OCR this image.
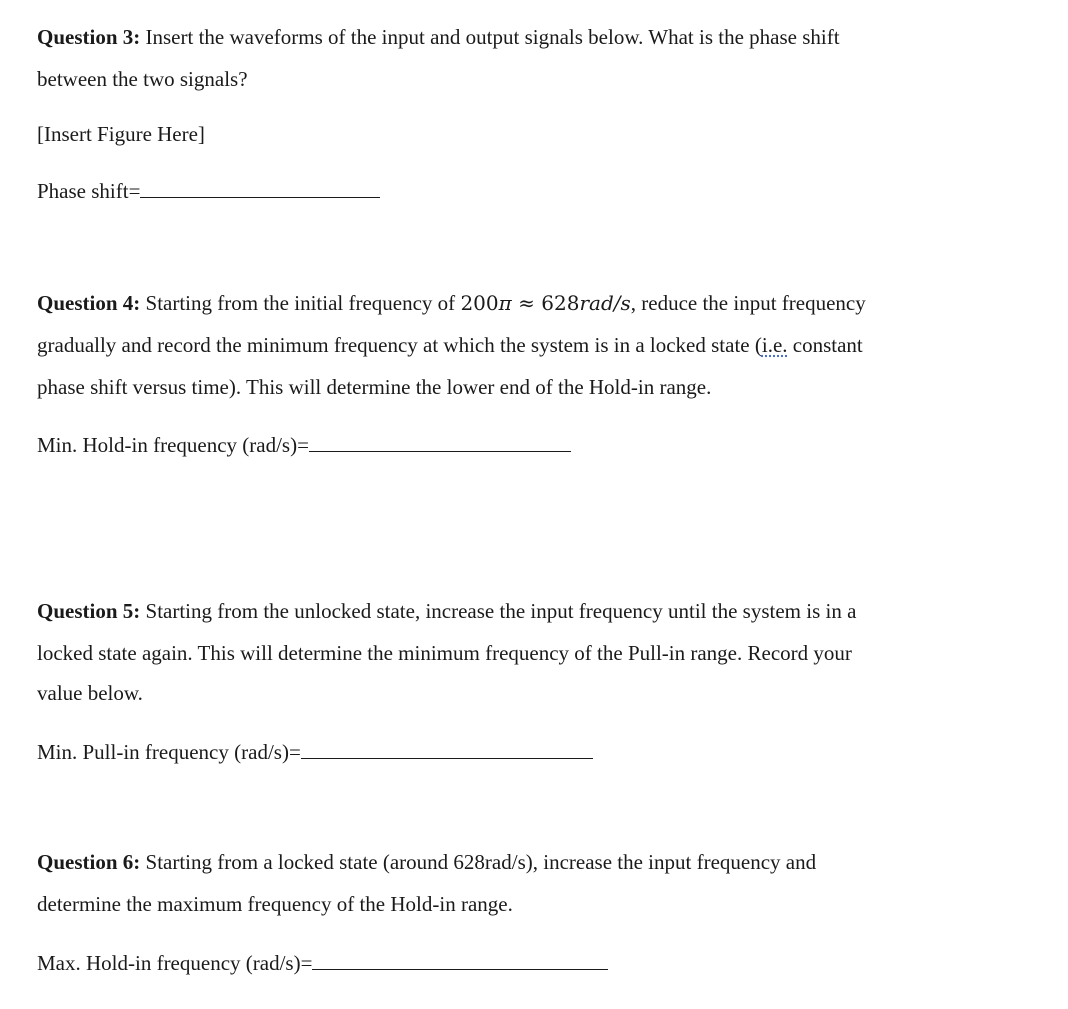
Question 3: Insert the waveforms of the input and output signals below. What is the phase shift
between the two signals?
[Insert Figure Here]
Phase shift=
Question 4: Starting from the initial frequency of 200π ≈ 628rad/s, reduce the input frequency
gradually and record the minimum frequency at which the system is in a locked state (i.e. constant
phase shift versus time). This will determine the lower end of the Hold-in range.
Min. Hold-in frequency (rad/s)=
Question 5: Starting from the unlocked state, increase the input frequency until the system is in a
locked state again. This will determine the minimum frequency of the Pull-in range. Record your
value below.
Min. Pull-in frequency (rad/s)=
Question 6: Starting from a locked state (around 628rad/s), increase the input frequency and
determine the maximum frequency of the Hold-in range.
Max. Hold-in frequency (rad/s)=
